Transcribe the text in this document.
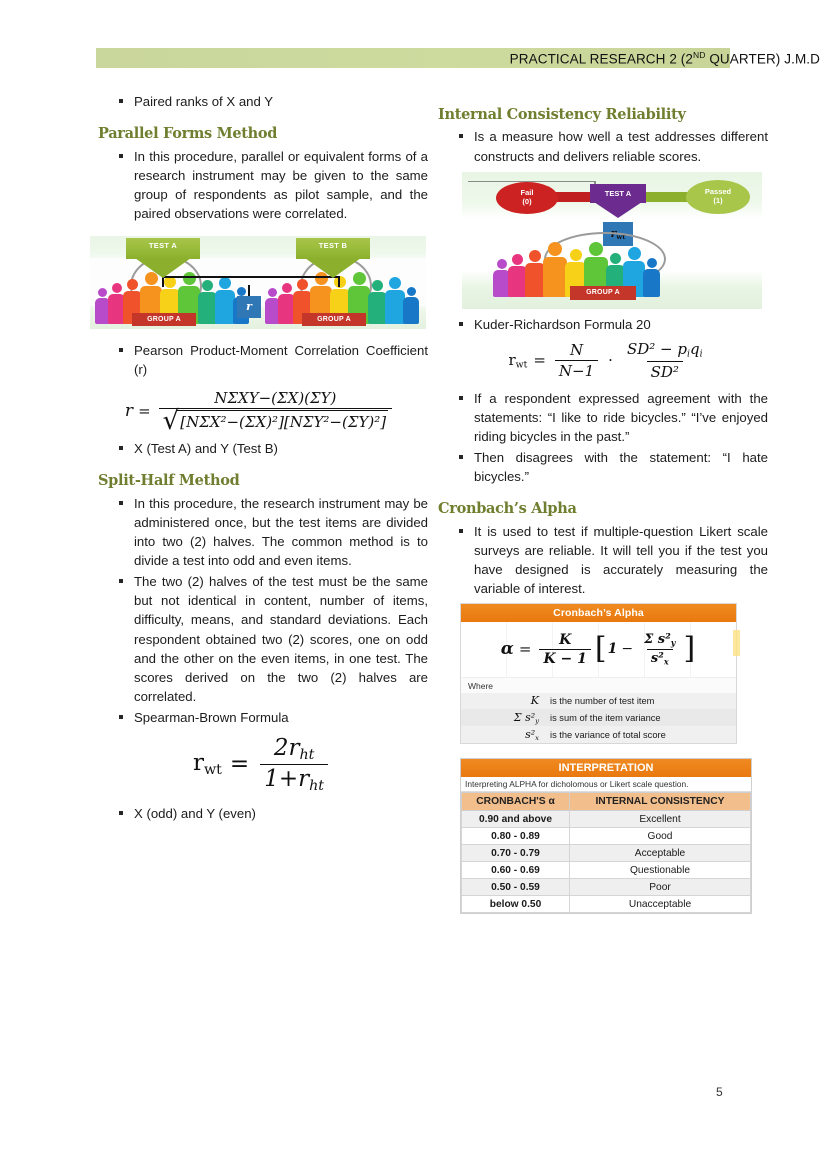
PRACTICAL RESEARCH 2 (2ND QUARTER) J.M.D
Paired ranks of X and Y
Parallel Forms Method
In this procedure, parallel or equivalent forms of a research instrument may be given to the same group of respondents as pilot sample, and the paired observations were correlated.
r
TEST A	TEST B
GROUP A	GROUP A
Pearson Product-Moment Correlation Coefficient (r)
$r = \frac{\text{NΣXY−(ΣX)(ΣY)}}{\text{√ [NΣX²−(ΣX)²][NΣY²−(ΣY)²]}}$
X (Test A) and Y (Test B)
Split-Half Method
In this procedure, the research instrument may be administered once, but the test items are divided into two (2) halves. The common method is to divide a test into odd and even items.
The two (2) halves of the test must be the same but not identical in content, number of items, difficulty, means, and standard deviations. Each respondent obtained two (2) scores, one on odd and the other on the even items, in one test. The scores derived on the two (2) halves are correlated.
Spearman-Brown Formula
$r_{wt} = \frac{2r_{ht}}{1+r_{ht}}$
X (odd) and Y (even)
Internal Consistency Reliability
Is a measure how well a test addresses different constructs and delivers reliable scores.
Fail
(0)
Passed
(1)
TEST A
$r_{wt}$
GROUP A
Kuder-Richardson Formula 20
$r_{wt} = \frac{N}{N-1} \cdot \frac{SD^2 - p_iq_i}{\text{SD²}}$
If a respondent expressed agreement with the statements: “I like to ride bicycles.” “I’ve enjoyed riding bicycles in the past.”
Then disagrees with the statement: “I hate bicycles.”
Cronbach’s Alpha
It is used to test if multiple-question Likert scale surveys are reliable. It will tell you if the test you have designed is accurately measuring the variable of interest.
Cronbach’s Alpha
$\alpha = \frac{K}{K - 1}$ [ $1 - \frac{\Sigma s^2_y}{s^2_x}$ ]
Where
K	is the number of test item
Σ $s^2_y$	is sum of the item variance
$s^2_x$	is the variance of total score
INTERPRETATION
Interpreting ALPHA for dicholomous or Likert scale question.
CRONBACH'S α	INTERNAL CONSISTENCY
0.90 and above	Excellent
0.80 - 0.89	Good
0.70 - 0.79	Acceptable
0.60 - 0.69	Questionable
0.50 - 0.59	Poor
below 0.50	Unacceptable
5
